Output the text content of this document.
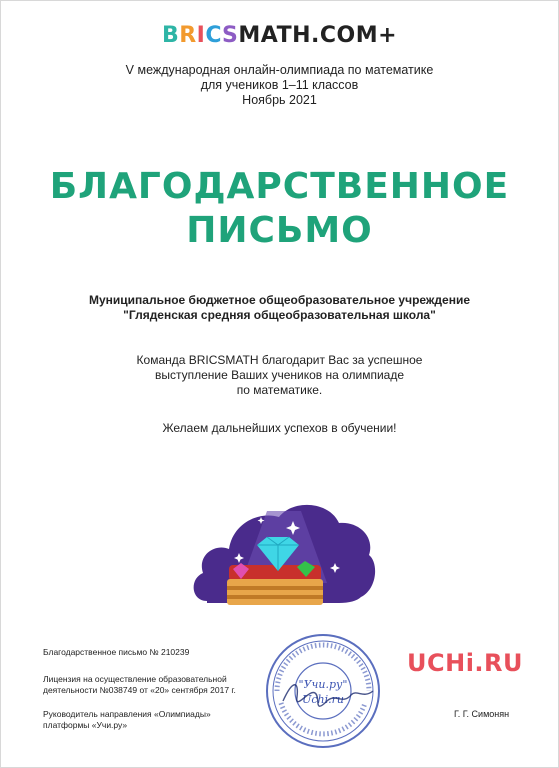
BRICSMATH.COM+
V международная онлайн-олимпиада по математике
для учеников 1–11 классов
Ноябрь 2021
БЛАГОДАРСТВЕННОЕ
ПИСЬМО
Муниципальное бюджетное общеобразовательное учреждение
"Гляденская средняя общеобразовательная школа"
Команда BRICSMATH благодарит Вас за успешное
выступление Ваших учеников на олимпиаде
по математике.
Желаем дальнейших успехов в обучении!
Благодарственное письмо № 210239
Лицензия на осуществление образовательной
деятельности №038749 от «20» сентября 2017 г.
Руководитель направления «Олимпиады»
платформы «Учи.ру»
"Учи.ру"
Uchi.ru
UCHi.RU
Г. Г. Симонян
